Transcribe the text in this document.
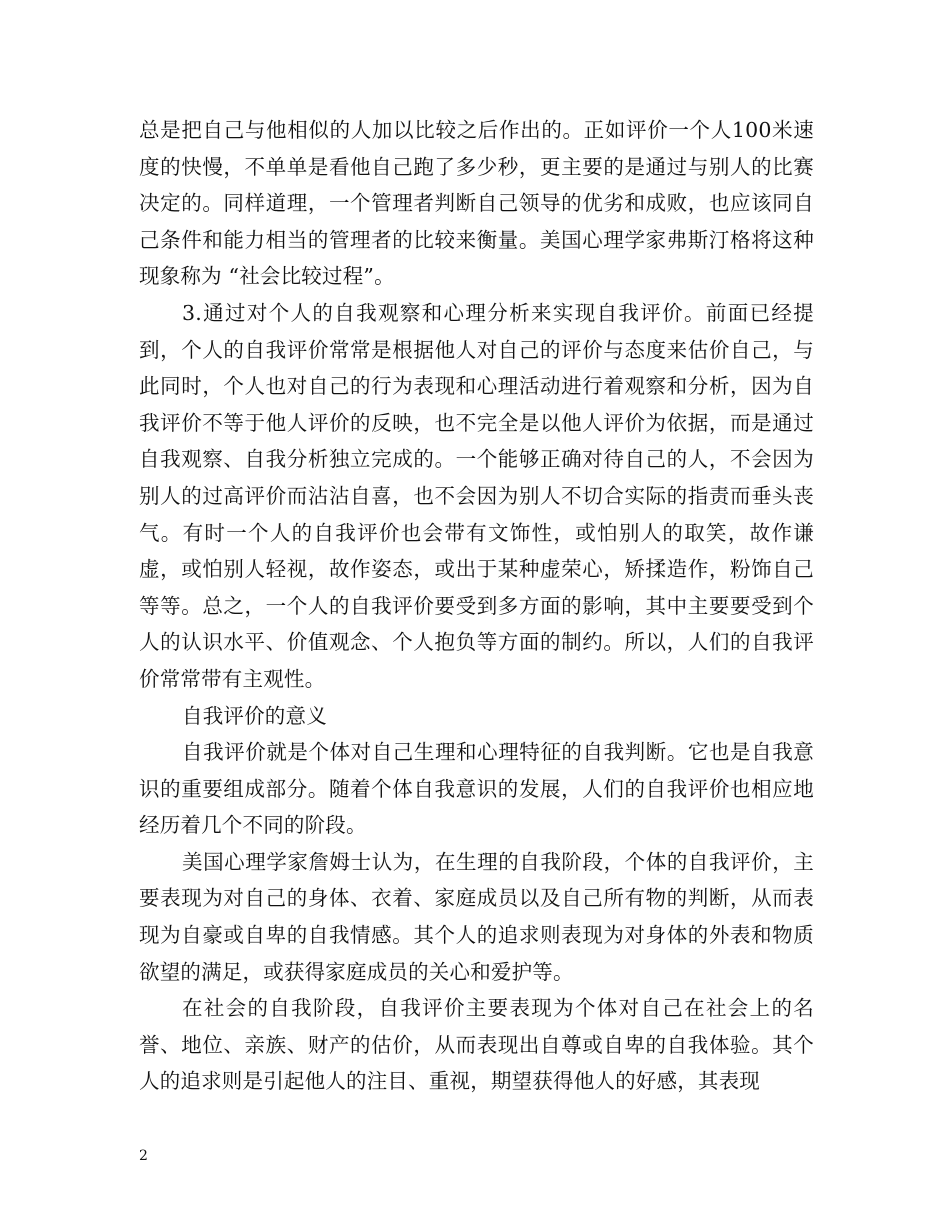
总是把自己与他相似的人加以比较之后作出的。正如评价一个人100米速度的快慢，不单单是看他自己跑了多少秒，更主要的是通过与别人的比赛决定的。同样道理，一个管理者判断自己领导的优劣和成败，也应该同自己条件和能力相当的管理者的比较来衡量。美国心理学家弗斯汀格将这种现象称为 “社会比较过程”。

3.通过对个人的自我观察和心理分析来实现自我评价。前面已经提到，个人的自我评价常常是根据他人对自己的评价与态度来估价自己，与此同时，个人也对自己的行为表现和心理活动进行着观察和分析，因为自我评价不等于他人评价的反映，也不完全是以他人评价为依据，而是通过自我观察、自我分析独立完成的。一个能够正确对待自己的人，不会因为别人的过高评价而沾沾自喜，也不会因为别人不切合实际的指责而垂头丧气。有时一个人的自我评价也会带有文饰性，或怕别人的取笑，故作谦虚，或怕别人轻视，故作姿态，或出于某种虚荣心，矫揉造作，粉饰自己等等。总之，一个人的自我评价要受到多方面的影响，其中主要要受到个人的认识水平、价值观念、个人抱负等方面的制约。所以，人们的自我评价常常带有主观性。

自我评价的意义

自我评价就是个体对自己生理和心理特征的自我判断。它也是自我意识的重要组成部分。随着个体自我意识的发展，人们的自我评价也相应地经历着几个不同的阶段。

美国心理学家詹姆士认为，在生理的自我阶段，个体的自我评价，主要表现为对自己的身体、衣着、家庭成员以及自己所有物的判断，从而表现为自豪或自卑的自我情感。其个人的追求则表现为对身体的外表和物质欲望的满足，或获得家庭成员的关心和爱护等。

在社会的自我阶段，自我评价主要表现为个体对自己在社会上的名誉、地位、亲族、财产的估价，从而表现出自尊或自卑的自我体验。其个人的追求则是引起他人的注目、重视，期望获得他人的好感，其表现

2
